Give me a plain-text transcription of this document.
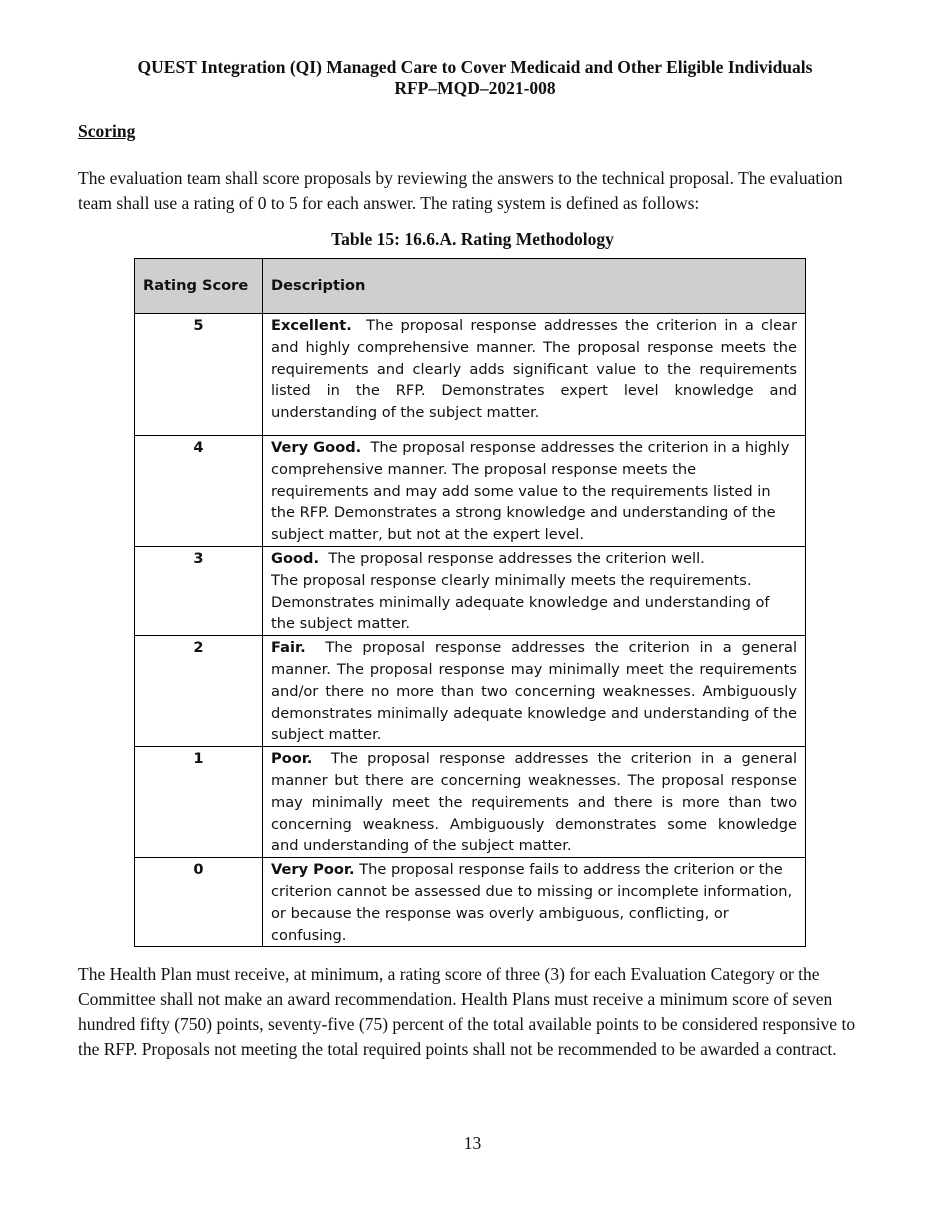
QUEST Integration (QI) Managed Care to Cover Medicaid and Other Eligible Individuals
RFP–MQD–2021-008
Scoring
The evaluation team shall score proposals by reviewing the answers to the technical proposal. The evaluation team shall use a rating of 0 to 5 for each answer. The rating system is defined as follows:
Table 15: 16.6.A. Rating Methodology
Rating Score	Description
5	Excellent. The proposal response addresses the criterion in a clear and highly comprehensive manner. The proposal response meets the requirements and clearly adds significant value to the requirements listed in the RFP. Demonstrates expert level knowledge and understanding of the subject matter.
4	Very Good. The proposal response addresses the criterion in a highly comprehensive manner. The proposal response meets the requirements and may add some value to the requirements listed in the RFP. Demonstrates a strong knowledge and understanding of the subject matter, but not at the expert level.
3	Good. The proposal response addresses the criterion well.
The proposal response clearly minimally meets the requirements. Demonstrates minimally adequate knowledge and understanding of the subject matter.
2	Fair. The proposal response addresses the criterion in a general manner. The proposal response may minimally meet the requirements and/or there no more than two concerning weaknesses. Ambiguously demonstrates minimally adequate knowledge and understanding of the subject matter.
1	Poor. The proposal response addresses the criterion in a general manner but there are concerning weaknesses. The proposal response may minimally meet the requirements and there is more than two concerning weakness. Ambiguously demonstrates some knowledge and understanding of the subject matter.
0	Very Poor. The proposal response fails to address the criterion or the criterion cannot be assessed due to missing or incomplete information, or because the response was overly ambiguous, conflicting, or confusing.
The Health Plan must receive, at minimum, a rating score of three (3) for each Evaluation Category or the Committee shall not make an award recommendation. Health Plans must receive a minimum score of seven hundred fifty (750) points, seventy-five (75) percent of the total available points to be considered responsive to the RFP. Proposals not meeting the total required points shall not be recommended to be awarded a contract.
13
